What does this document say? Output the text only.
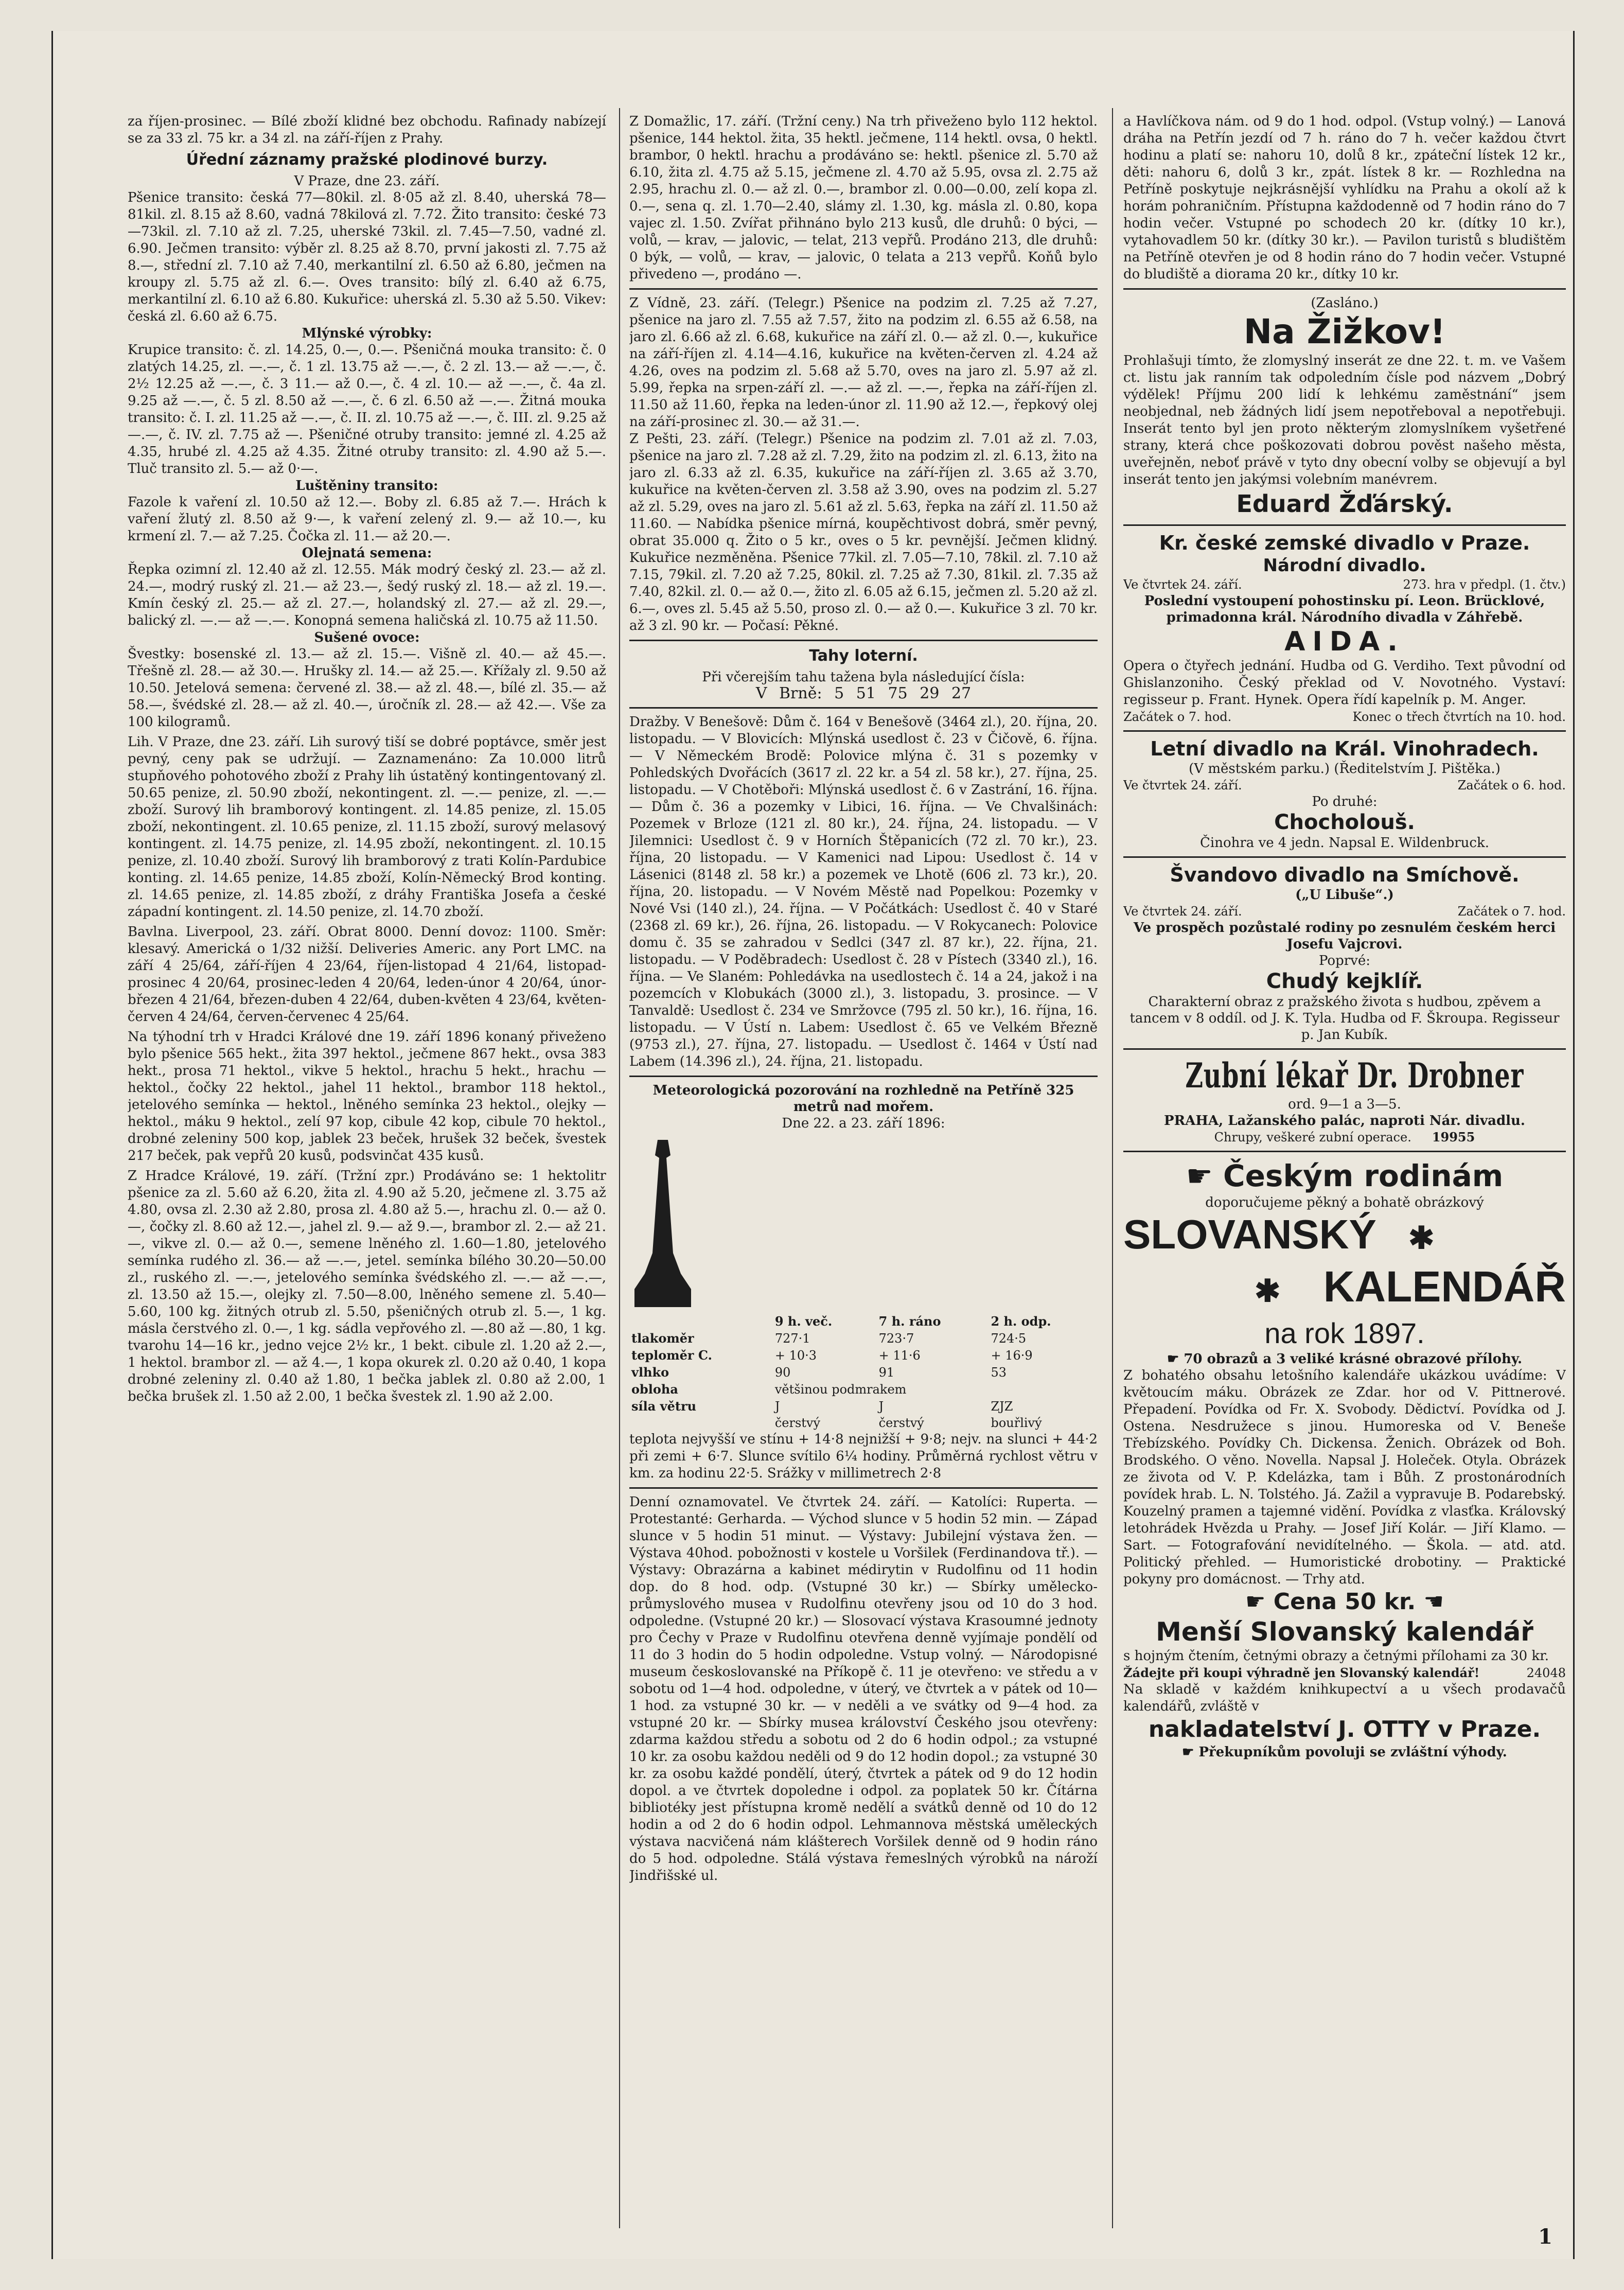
za říjen-prosinec. — Bílé zboží klidné bez obchodu. Rafinady nabízejí se za 33 zl. 75 kr. a 34 zl. na září-říjen z Prahy.

Úřední záznamy pražské plodinové burzy.
V Praze, dne 23. září.

Pšenice transito: česká 77—80kil. zl. 8·05 až zl. 8.40, uherská 78—81kil. zl. 8.15 až 8.60, vadná 78kilová zl. 7.72. Žito transito: české 73—73kil. zl. 7.10 až zl. 7.25, uherské 73kil. zl. 7.45—7.50, vadné zl. 6.90. Ječmen transito: výběr zl. 8.25 až 8.70, první jakosti zl. 7.75 až 8.—, střední zl. 7.10 až 7.40, merkantilní zl. 6.50 až 6.80, ječmen na kroupy zl. 5.75 až zl. 6.—. Oves transito: bílý zl. 6.40 až 6.75, merkantilní zl. 6.10 až 6.80. Kukuřice: uherská zl. 5.30 až 5.50. Vikev: česká zl. 6.60 až 6.75.

Mlýnské výrobky:

Krupice transito: č. zl. 14.25, 0.—, 0.—. Pšeničná mouka transito: č. 0 zlatých 14.25, zl. —.—, č. 1 zl. 13.75 až —.—, č. 2 zl. 13.— až —.—, č. 2½ 12.25 až —.—, č. 3 11.— až 0.—, č. 4 zl. 10.— až —.—, č. 4a zl. 9.25 až —.—, č. 5 zl. 8.50 až —.—, č. 6 zl. 6.50 až —.—. Žitná mouka transito: č. I. zl. 11.25 až —.—, č. II. zl. 10.75 až —.—, č. III. zl. 9.25 až —.—, č. IV. zl. 7.75 až —. Pšeničné otruby transito: jemné zl. 4.25 až 4.35, hrubé zl. 4.25 až 4.35. Žitné otruby transito: zl. 4.90 až 5.—. Tluč transito zl. 5.— až 0·—.

Luštěniny transito:

Fazole k vaření zl. 10.50 až 12.—. Boby zl. 6.85 až 7.—. Hrách k vaření žlutý zl. 8.50 až 9·—, k vaření zelený zl. 9.— až 10.—, ku krmení zl. 7.— až 7.25. Čočka zl. 11.— až 20.—.

Olejnatá semena:

Řepka ozimní zl. 12.40 až zl. 12.55. Mák modrý český zl. 23.— až zl. 24.—, modrý ruský zl. 21.— až 23.—, šedý ruský zl. 18.— až zl. 19.—. Kmín český zl. 25.— až zl. 27.—, holandský zl. 27.— až zl. 29.—, balický zl. —.— až —.—. Konopná semena haličská zl. 10.75 až 11.50.

Sušené ovoce:

Švestky: bosenské zl. 13.— až zl. 15.—. Višně zl. 40.— až 45.—. Třešně zl. 28.— až 30.—. Hrušky zl. 14.— až 25.—. Křížaly zl. 9.50 až 10.50. Jetelová semena: červené zl. 38.— až zl. 48.—, bílé zl. 35.— až 58.—, švédské zl. 28.— až zl. 40.—, úročník zl. 28.— až 42.—. Vše za 100 kilogramů.

Lih. V Praze, dne 23. září. Lih surový tiší se dobré poptávce, směr jest pevný, ceny pak se udržují. — Zaznamenáno: Za 10.000 litrů stupňového pohotového zboží z Prahy lih ústatěný kontingentovaný zl. 50.65 penize, zl. 50.90 zboží, nekontingent. zl. —.— penize, zl. —.— zboží. Surový lih bramborový kontingent. zl. 14.85 penize, zl. 15.05 zboží, nekontingent. zl. 10.65 penize, zl. 11.15 zboží, surový melasový kontingent. zl. 14.75 penize, zl. 14.95 zboží, nekontingent. zl. 10.15 penize, zl. 10.40 zboží. Surový lih bramborový z trati Kolín-Pardubice konting. zl. 14.65 penize, 14.85 zboží, Kolín-Německý Brod konting. zl. 14.65 penize, zl. 14.85 zboží, z dráhy Františka Josefa a české západní kontingent. zl. 14.50 penize, zl. 14.70 zboží.

Bavlna. Liverpool, 23. září. Obrat 8000. Denní dovoz: 1100. Směr: klesavý. Americká o 1/32 nižší. Deliveries Americ. any Port LMC. na září 4 25/64, září-říjen 4 23/64, říjen-listopad 4 21/64, listopad-prosinec 4 20/64, prosinec-leden 4 20/64, leden-únor 4 20/64, únor-březen 4 21/64, březen-duben 4 22/64, duben-květen 4 23/64, květen-červen 4 24/64, červen-červenec 4 25/64.

Na týhodní trh v Hradci Králové dne 19. září 1896 konaný přiveženo bylo pšenice 565 hekt., žita 397 hektol., ječmene 867 hekt., ovsa 383 hekt., prosa 71 hektol., vikve 5 hektol., hrachu 5 hekt., hrachu — hektol., čočky 22 hektol., jahel 11 hektol., brambor 118 hektol., jetelového semínka — hektol., lněného semínka 23 hektol., olejky — hektol., máku 9 hektol., zelí 97 kop, cibule 42 kop, cibule 70 hektol., drobné zeleniny 500 kop, jablek 23 beček, hrušek 32 beček, švestek 217 beček, pak vepřů 20 kusů, podsvinčat 435 kusů.

Z Hradce Králové, 19. září. (Tržní zpr.) Prodáváno se: 1 hektolitr pšenice za zl. 5.60 až 6.20, žita zl. 4.90 až 5.20, ječmene zl. 3.75 až 4.80, ovsa zl. 2.30 až 2.80, prosa zl. 4.80 až 5.—, hrachu zl. 0.— až 0.—, čočky zl. 8.60 až 12.—, jahel zl. 9.— až 9.—, brambor zl. 2.— až 21.—, vikve zl. 0.— až 0.—, semene lněného zl. 1.60—1.80, jetelového semínka rudého zl. 36.— až —.—, jetel. semínka bílého 30.20—50.00 zl., ruského zl. —.—, jetelového semínka švédského zl. —.— až —.—, zl. 13.50 až 15.—, olejky zl. 7.50—8.00, lněného semene zl. 5.40—5.60, 100 kg. žitných otrub zl. 5.50, pšeničných otrub zl. 5.—, 1 kg. másla čerstvého zl. 0.—, 1 kg. sádla vepřového zl. —.80 až —.80, 1 kg. tvarohu 14—16 kr., jedno vejce 2½ kr., 1 bekt. cibule zl. 1.20 až 2.—, 1 hektol. brambor zl. — až 4.—, 1 kopa okurek zl. 0.20 až 0.40, 1 kopa drobné zeleniny zl. 0.40 až 1.80, 1 bečka jablek zl. 0.80 až 2.00, 1 bečka brušek zl. 1.50 až 2.00, 1 bečka švestek zl. 1.90 až 2.00.

Z Domažlic, 17. září. (Tržní ceny.) Na trh přiveženo bylo 112 hektol. pšenice, 144 hektol. žita, 35 hektl. ječmene, 114 hektl. ovsa, 0 hektl. brambor, 0 hektl. hrachu a prodáváno se: hektl. pšenice zl. 5.70 až 6.10, žita zl. 4.75 až 5.15, ječmene zl. 4.70 až 5.95, ovsa zl. 2.75 až 2.95, hrachu zl. 0.— až zl. 0.—, brambor zl. 0.00—0.00, zelí kopa zl. 0.—, sena q. zl. 1.70—2.40, slámy zl. 1.30, kg. másla zl. 0.80, kopa vajec zl. 1.50. Zvířat přihnáno bylo 213 kusů, dle druhů: 0 býci, — volů, — krav, — jalovic, — telat, 213 vepřů. Prodáno 213, dle druhů: 0 býk, — volů, — krav, — jalovic, 0 telata a 213 vepřů. Koňů bylo přivedeno —, prodáno —.

Z Vídně, 23. září. (Telegr.) Pšenice na podzim zl. 7.25 až 7.27, pšenice na jaro zl. 7.55 až 7.57, žito na podzim zl. 6.55 až 6.58, na jaro zl. 6.66 až zl. 6.68, kukuřice na září zl. 0.— až zl. 0.—, kukuřice na září-říjen zl. 4.14—4.16, kukuřice na květen-červen zl. 4.24 až 4.26, oves na podzim zl. 5.68 až 5.70, oves na jaro zl. 5.97 až zl. 5.99, řepka na srpen-září zl. —.— až zl. —.—, řepka na září-říjen zl. 11.50 až 11.60, řepka na leden-únor zl. 11.90 až 12.—, řepkový olej na září-prosinec zl. 30.— až 31.—.

Z Pešti, 23. září. (Telegr.) Pšenice na podzim zl. 7.01 až zl. 7.03, pšenice na jaro zl. 7.28 až zl. 7.29, žito na podzim zl. zl. 6.13, žito na jaro zl. 6.33 až zl. 6.35, kukuřice na září-říjen zl. 3.65 až 3.70, kukuřice na květen-červen zl. 3.58 až 3.90, oves na podzim zl. 5.27 až zl. 5.29, oves na jaro zl. 5.61 až zl. 5.63, řepka na září zl. 11.50 až 11.60. — Nabídka pšenice mírná, koupěchtivost dobrá, směr pevný, obrat 35.000 q. Žito o 5 kr., oves o 5 kr. pevnější. Ječmen klidný. Kukuřice nezměněna. Pšenice 77kil. zl. 7.05—7.10, 78kil. zl. 7.10 až 7.15, 79kil. zl. 7.20 až 7.25, 80kil. zl. 7.25 až 7.30, 81kil. zl. 7.35 až 7.40, 82kil. zl. 0.— až 0.—, žito zl. 6.05 až 6.15, ječmen zl. 5.20 až zl. 6.—, oves zl. 5.45 až 5.50, proso zl. 0.— až 0.—. Kukuřice 3 zl. 70 kr. až 3 zl. 90 kr. — Počasí: Pěkné.

Tahy loterní.
Při včerejším tahu tažena byla následující čísla:
V Brně: 5 51 75 29 27

Dražby. V Benešově: Dům č. 164 v Benešově (3464 zl.), 20. října, 20. listopadu. — V Blovicích: Mlýnská usedlost č. 23 v Čičově, 6. října. — V Německém Brodě: Polovice mlýna č. 31 s pozemky v Pohledských Dvořácích (3617 zl. 22 kr. a 54 zl. 58 kr.), 27. října, 25. listopadu. — V Chotěboři: Mlýnská usedlost č. 6 v Zastrání, 16. října. — Dům č. 36 a pozemky v Libici, 16. října. — Ve Chvalšinách: Pozemek v Brloze (121 zl. 80 kr.), 24. října, 24. listopadu. — V Jilemnici: Usedlost č. 9 v Horních Štěpanicích (72 zl. 70 kr.), 23. října, 20 listopadu. — V Kamenici nad Lipou: Usedlost č. 14 v Lásenici (8148 zl. 58 kr.) a pozemek ve Lhotě (606 zl. 73 kr.), 20. října, 20. listopadu. — V Novém Městě nad Popelkou: Pozemky v Nové Vsi (140 zl.), 24. října. — V Počátkách: Usedlost č. 40 v Staré (2368 zl. 69 kr.), 26. října, 26. listopadu. — V Rokycanech: Polovice domu č. 35 se zahradou v Sedlci (347 zl. 87 kr.), 22. října, 21. listopadu. — V Poděbradech: Usedlost č. 28 v Pístech (3340 zl.), 16. října. — Ve Slaném: Pohledávka na usedlostech č. 14 a 24, jakož i na pozemcích v Klobukách (3000 zl.), 3. listopadu, 3. prosince. — V Tanvaldě: Usedlost č. 234 ve Smržovce (795 zl. 50 kr.), 16. října, 16. listopadu. — V Ústí n. Labem: Usedlost č. 65 ve Velkém Březně (9753 zl.), 27. října, 27. listopadu. — Usedlost č. 1464 v Ústí nad Labem (14.396 zl.), 24. října, 21. listopadu.

Meteorologická pozorování na rozhledně na Petříně 325 metrů nad mořem.
Dne 22. a 23. září 1896:
	9 h. več.	7 h. ráno	2 h. odp.
tlakoměr	727·1	723·7	724·5
teploměr C.	+ 10·3	+ 11·6	+ 16·9
vlhko	90	91	53
obloha	většinou podmrakem		
síla větru	J	J	ZJZ
	čerstvý	čerstvý	bouřlivý

teplota nejvyšší ve stínu + 14·8 nejnižší + 9·8; nejv. na slunci + 44·2 při zemi + 6·7. Slunce svítilo 6¼ hodiny. Průměrná rychlost větru v km. za hodinu 22·5. Srážky v millimetrech 2·8

Denní oznamovatel. Ve čtvrtek 24. září. — Katolíci: Ruperta. — Protestanté: Gerharda. — Východ slunce v 5 hodin 52 min. — Západ slunce v 5 hodin 51 minut. — Výstavy: Jubilejní výstava žen. — Výstava 40hod. pobožnosti v kostele u Voršilek (Ferdinandova tř.). — Výstavy: Obrazárna a kabinet médirytin v Rudolfinu od 11 hodin dop. do 8 hod. odp. (Vstupné 30 kr.) — Sbírky umělecko-průmyslového musea v Rudolfinu otevřeny jsou od 10 do 3 hod. odpoledne. (Vstupné 20 kr.) — Slosovací výstava Krasoumné jednoty pro Čechy v Praze v Rudolfinu otevřena denně vyjímaje pondělí od 11 do 3 hodin do 5 hodin odpoledne. Vstup volný. — Národopisné museum českoslovanské na Příkopě č. 11 je otevřeno: ve středu a v sobotu od 1—4 hod. odpoledne, v úterý, ve čtvrtek a v pátek od 10—1 hod. za vstupné 30 kr. — v neděli a ve svátky od 9—4 hod. za vstupné 20 kr. — Sbírky musea království Českého jsou otevřeny: zdarma každou středu a sobotu od 2 do 6 hodin odpol.; za vstupné 10 kr. za osobu každou neděli od 9 do 12 hodin dopol.; za vstupné 30 kr. za osobu každé pondělí, úterý, čtvrtek a pátek od 9 do 12 hodin dopol. a ve čtvrtek dopoledne i odpol. za poplatek 50 kr. Čítárna bibliotéky jest přístupna kromě nedělí a svátků denně od 10 do 12 hodin a od 2 do 6 hodin odpol. Lehmannova městská uměleckých výstava nacvičená nám klášterech Voršilek denně od 9 hodin ráno do 5 hod. odpoledne. Stálá výstava řemeslných výrobků na nároží Jindřišské ul.

a Havlíčkova nám. od 9 do 1 hod. odpol. (Vstup volný.) — Lanová dráha na Petřín jezdí od 7 h. ráno do 7 h. večer každou čtvrt hodinu a platí se: nahoru 10, dolů 8 kr., zpáteční lístek 12 kr., děti: nahoru 6, dolů 3 kr., zpát. lístek 8 kr. — Rozhledna na Petříně poskytuje nejkrásnější vyhlídku na Prahu a okolí až k horám pohraničním. Přístupna každodenně od 7 hodin ráno do 7 hodin večer. Vstupné po schodech 20 kr. (dítky 10 kr.), vytahovadlem 50 kr. (dítky 30 kr.). — Pavilon turistů s bludištěm na Petříně otevřen je od 8 hodin ráno do 7 hodin večer. Vstupné do bludiště a diorama 20 kr., dítky 10 kr.

(Zasláno.)
Na Žižkov!

Prohlašuji tímto, že zlomyslný inserát ze dne 22. t. m. ve Vašem ct. listu jak ranním tak odpoledním čísle pod názvem „Dobrý výdělek! Příjmu 200 lidí k lehkému zaměstnání“ jsem neobjednal, neb žádných lidí jsem nepotřeboval a nepotřebuji. Inserát tento byl jen proto některým zlomyslníkem vyšetřené strany, která chce poškozovati dobrou pověst našeho města, uveřejněn, neboť právě v tyto dny obecní volby se objevují a byl inserát tento jen jakýmsi volebním manévrem.

Eduard Žďárský.
Kr. české zemské divadlo v Praze.
Národní divadlo.
Ve čtvrtek 24. září.	273. hra v předpl. (1. čtv.)
Poslední vystoupení pohostinsku pí. Leon. Brücklové, primadonna král. Národního divadla v Záhřebě.
AIDA.

Opera o čtyřech jednání. Hudba od G. Verdiho. Text původní od Ghislanzoniho. Český překlad od V. Novotného. Vystaví: regisseur p. Frant. Hynek. Opera řídí kapelník p. M. Anger.

Začátek o 7. hod.	Konec o třech čtvrtích na 10. hod.
Letní divadlo na Král. Vinohradech.
(V městském parku.) (Ředitelstvím J. Pištěka.)
Ve čtvrtek 24. září.	Začátek o 6. hod.
Po druhé:
Chocholouš.
Činohra ve 4 jedn. Napsal E. Wildenbruck.
Švandovo divadlo na Smíchově.
(„U Libuše“.)
Ve čtvrtek 24. září.	Začátek o 7. hod.
Ve prospěch pozůstalé rodiny po zesnulém českém herci Josefu Vajcrovi.
Poprvé:
Chudý kejklíř.
Charakterní obraz z pražského života s hudbou, zpěvem a tancem v 8 oddíl. od J. K. Tyla. Hudba od F. Škroupa. Regisseur p. Jan Kubík.
Zubní lékař Dr. Drobner
ord. 9—1 a 3—5.
PRAHA, Lažanského palác, naproti Nár. divadlu.
Chrupy, veškeré zubní operace. 19955
☛ Českým rodinám
doporučujeme pěkný a bohatě obrázkový
SLOVANSKÝ ✱
✱ KALENDÁŘ
na rok 1897.
☛ 70 obrazů a 3 veliké krásné obrazové přílohy.

Z bohatého obsahu letošního kalendáře ukázkou uvádíme: V květoucím máku. Obrázek ze Zdar. hor od V. Pittnerové. Přepadení. Povídka od Fr. X. Svobody. Dědictví. Povídka od J. Ostena. Nesdružece s jinou. Humoreska od V. Beneše Třebízského. Povídky Ch. Dickensa. Ženich. Obrázek od Boh. Brodského. O věno. Novella. Napsal J. Holeček. Otyla. Obrázek ze života od V. P. Kdelázka, tam i Bůh. Z prostonárodních povídek hrab. L. N. Tolstého. Já. Zažil a vypravuje B. Podarebský. Kouzelný pramen a tajemné vidění. Povídka z vlasťka. Královský letohrádek Hvězda u Prahy. — Josef Jiří Kolár. — Jiří Klamo. — Sart. — Fotografování nevidítelného. — Škola. — atd. atd. Politický přehled. — Humoristické drobotiny. — Praktické pokyny pro domácnost. — Trhy atd.

☛ Cena 50 kr. ☚
Menší Slovanský kalendář

s hojným čtením, četnými obrazy a četnými přílohami za 30 kr.

Žádejte při koupi výhradně jen Slovanský kalendář!	24048

Na skladě v každém knihkupectví a u všech prodavačů kalendářů, zvláště v

nakladatelství J. OTTY v Praze.
☛ Překupníkům povoluji se zvláštní výhody.
1
